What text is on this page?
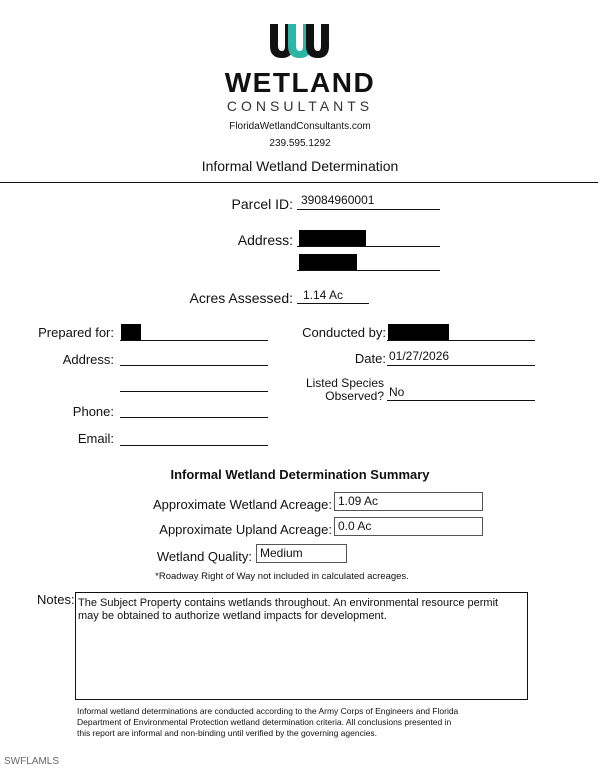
WETLAND
CONSULTANTS
FloridaWetlandConsultants.com
239.595.1292
Informal Wetland Determination
Parcel ID: 39084960001
Address:
Acres Assessed: 1.14 Ac
Prepared for:
Address:
Phone:
Email:
Conducted by:
Date: 01/27/2026
Listed Species
Observed? No
Informal Wetland Determination Summary
Approximate Wetland Acreage: 1.09 Ac
Approximate Upland Acreage: 0.0 Ac
Wetland Quality: Medium
*Roadway Right of Way not included in calculated acreages.
Notes: The Subject Property contains wetlands throughout. An environmental resource permit
may be obtained to authorize wetland impacts for development.
Informal wetland determinations are conducted according to the Army Corps of Engineers and Florida
Department of Environmental Protection wetland determination criteria. All conclusions presented in
this report are informal and non-binding until verified by the governing agencies.
SWFLAMLS
